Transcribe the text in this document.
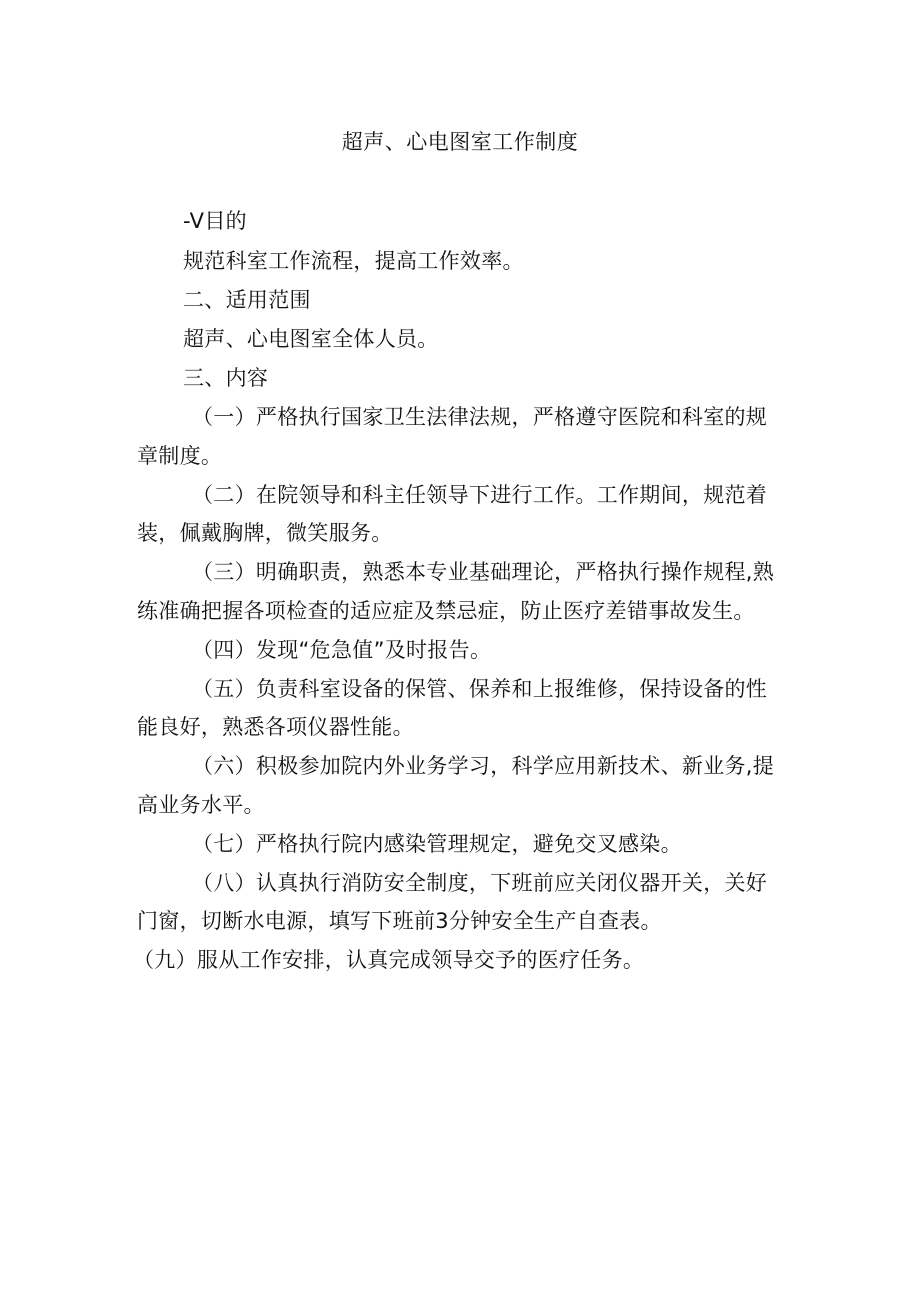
超声、心电图室工作制度
-V目的
规范科室工作流程，提高工作效率。
二、适用范围
超声、心电图室全体人员。
三、内容
（一）严格执行国家卫生法律法规，严格遵守医院和科室的规
章制度。
（二）在院领导和科主任领导下进行工作。工作期间，规范着
装，佩戴胸牌，微笑服务。
（三）明确职责，熟悉本专业基础理论，严格执行操作规程,熟
练准确把握各项检查的适应症及禁忌症，防止医疗差错事故发生。
（四）发现“危急值”及时报告。
（五）负责科室设备的保管、保养和上报维修，保持设备的性
能良好，熟悉各项仪器性能。
（六）积极参加院内外业务学习，科学应用新技术、新业务,提
高业务水平。
（七）严格执行院内感染管理规定，避免交叉感染。
（八）认真执行消防安全制度，下班前应关闭仪器开关，关好
门窗，切断水电源，填写下班前3分钟安全生产自查表。
（九）服从工作安排，认真完成领导交予的医疗任务。
